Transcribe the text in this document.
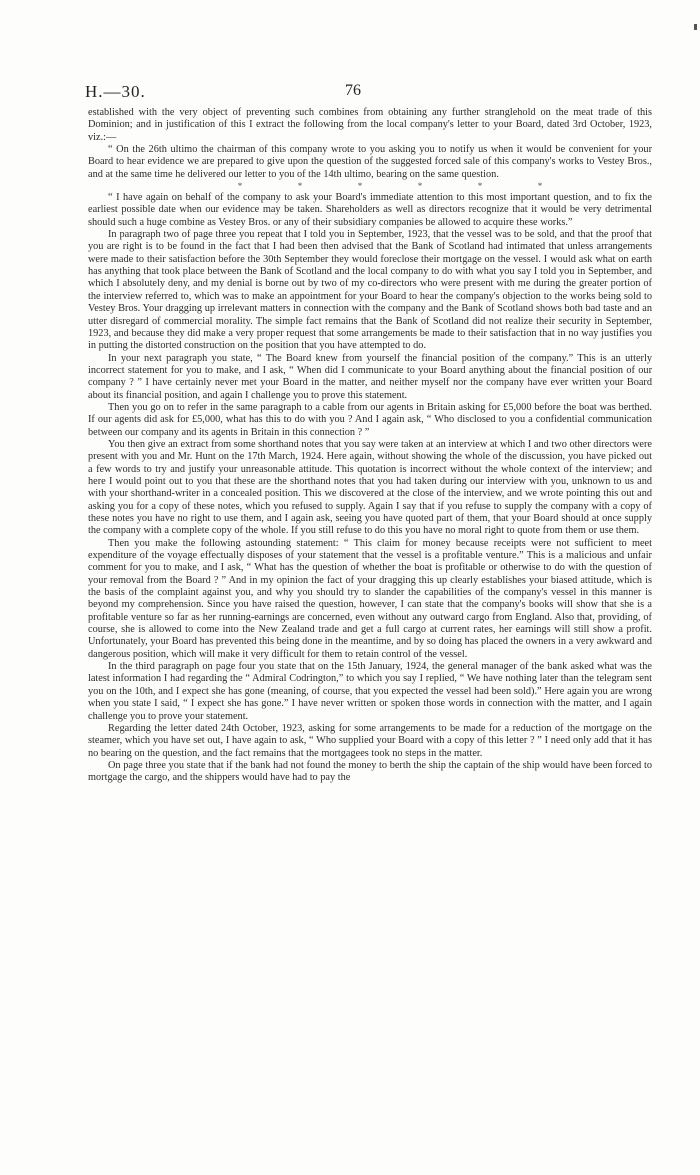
H.—30.	76

established with the very object of preventing such combines from obtaining any further stranglehold on the meat trade of this Dominion; and in justification of this I extract the following from the local company's letter to your Board, dated 3rd October, 1923, viz.:—

“ On the 26th ultimo the chairman of this company wrote to you asking you to notify us when it would be convenient for your Board to hear evidence we are prepared to give upon the question of the suggested forced sale of this company's works to Vestey Bros., and at the same time he delivered our letter to you of the 14th ultimo, bearing on the same question.

*	*	*	*	*	*

“ I have again on behalf of the company to ask your Board's immediate attention to this most important question, and to fix the earliest possible date when our evidence may be taken. Shareholders as well as directors recognize that it would be very detrimental should such a huge combine as Vestey Bros. or any of their subsidiary companies be allowed to acquire these works.”

In paragraph two of page three you repeat that I told you in September, 1923, that the vessel was to be sold, and that the proof that you are right is to be found in the fact that I had been then advised that the Bank of Scotland had intimated that unless arrangements were made to their satisfaction before the 30th September they would foreclose their mortgage on the vessel. I would ask what on earth has anything that took place between the Bank of Scotland and the local company to do with what you say I told you in September, and which I absolutely deny, and my denial is borne out by two of my co-directors who were present with me during the greater portion of the interview referred to, which was to make an appointment for your Board to hear the company's objection to the works being sold to Vestey Bros. Your dragging up irrelevant matters in connection with the company and the Bank of Scotland shows both bad taste and an utter disregard of commercial morality. The simple fact remains that the Bank of Scotland did not realize their security in September, 1923, and because they did make a very proper request that some arrangements be made to their satisfaction that in no way justifies you in putting the distorted construction on the position that you have attempted to do.

In your next paragraph you state, “ The Board knew from yourself the financial position of the company.” This is an utterly incorrect statement for you to make, and I ask, “ When did I communicate to your Board anything about the financial position of our company ? ” I have certainly never met your Board in the matter, and neither myself nor the company have ever written your Board about its financial position, and again I challenge you to prove this statement.

Then you go on to refer in the same paragraph to a cable from our agents in Britain asking for £5,000 before the boat was berthed. If our agents did ask for £5,000, what has this to do with you ? And I again ask, “ Who disclosed to you a confidential communication between our company and its agents in Britain in this connection ? ”

You then give an extract from some shorthand notes that you say were taken at an interview at which I and two other directors were present with you and Mr. Hunt on the 17th March, 1924. Here again, without showing the whole of the discussion, you have picked out a few words to try and justify your unreasonable attitude. This quotation is incorrect without the whole context of the interview; and here I would point out to you that these are the shorthand notes that you had taken during our interview with you, unknown to us and with your shorthand-writer in a concealed position. This we discovered at the close of the interview, and we wrote pointing this out and asking you for a copy of these notes, which you refused to supply. Again I say that if you refuse to supply the company with a copy of these notes you have no right to use them, and I again ask, seeing you have quoted part of them, that your Board should at once supply the company with a complete copy of the whole. If you still refuse to do this you have no moral right to quote from them or use them.

Then you make the following astounding statement: “ This claim for money because receipts were not sufficient to meet expenditure of the voyage effectually disposes of your statement that the vessel is a profitable venture.” This is a malicious and unfair comment for you to make, and I ask, “ What has the question of whether the boat is profitable or otherwise to do with the question of your removal from the Board ? ” And in my opinion the fact of your dragging this up clearly establishes your biased attitude, which is the basis of the complaint against you, and why you should try to slander the capabilities of the company's vessel in this manner is beyond my comprehension. Since you have raised the question, however, I can state that the company's books will show that she is a profitable venture so far as her running-earnings are concerned, even without any outward cargo from England. Also that, providing, of course, she is allowed to come into the New Zealand trade and get a full cargo at current rates, her earnings will still show a profit. Unfortunately, your Board has prevented this being done in the meantime, and by so doing has placed the owners in a very awkward and dangerous position, which will make it very difficult for them to retain control of the vessel.

In the third paragraph on page four you state that on the 15th January, 1924, the general manager of the bank asked what was the latest information I had regarding the “ Admiral Codrington,” to which you say I replied, “ We have nothing later than the telegram sent you on the 10th, and I expect she has gone (meaning, of course, that you expected the vessel had been sold).” Here again you are wrong when you state I said, “ I expect she has gone.” I have never written or spoken those words in connection with the matter, and I again challenge you to prove your statement.

Regarding the letter dated 24th October, 1923, asking for some arrangements to be made for a reduction of the mortgage on the steamer, which you have set out, I have again to ask, “ Who supplied your Board with a copy of this letter ? ” I need only add that it has no bearing on the question, and the fact remains that the mortgagees took no steps in the matter.

On page three you state that if the bank had not found the money to berth the ship the captain of the ship would have been forced to mortgage the cargo, and the shippers would have had to pay the
